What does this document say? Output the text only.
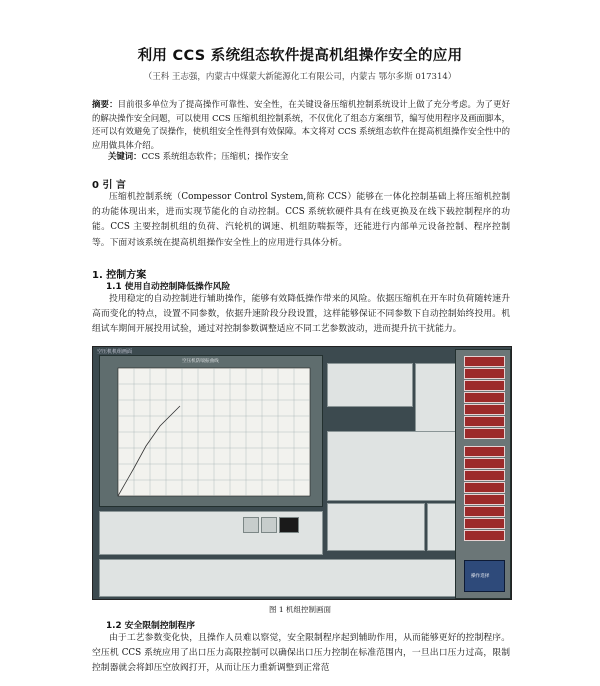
利用 CCS 系统组态软件提高机组操作安全的应用
（王科 王志强，内蒙古中煤蒙大新能源化工有限公司，内蒙古 鄂尔多斯 017314）
摘要：目前很多单位为了提高操作可靠性、安全性，在关键设备压缩机控制系统设计上做了充分考虑。为了更好的解决操作安全问题，可以使用 CCS 压缩机组控制系统，不仅优化了组态方案细节，编写使用程序及画面脚本，还可以有效避免了误操作，使机组安全性得到有效保障。本文将对 CCS 系统组态软件在提高机组操作安全性中的应用做具体介绍。
关键词：CCS 系统组态软件；压缩机；操作安全
0 引 言
压缩机控制系统（Compessor Control System,简称 CCS）能够在一体化控制基础上将压缩机控制的功能体现出来，进而实现节能化的自动控制。CCS 系统软硬件具有在线更换及在线下载控制程序的功能。CCS 主要控制机组的负荷、汽轮机的调速、机组防喘振等，还能进行内部单元设备控制、程序控制等。下面对该系统在提高机组操作安全性上的应用进行具体分析。
1. 控制方案
1.1 使用自动控制降低操作风险
投用稳定的自动控制进行辅助操作，能够有效降低操作带来的风险。依据压缩机在开车时负荷随转速升高而变化的特点，设置不同参数，依据升速阶段分段设置，这样能够保证不同参数下自动控制始终投用。机组试车期间开展投用试验，通过对控制参数调整适应不同工艺参数波动，进而提升抗干扰能力。
空压机机组画面
空压机防喘振曲线
操作选择
图 1 机组控制画面
1.2 安全限制控制程序
由于工艺参数变化快，且操作人员难以察觉，安全限制程序起到辅助作用，从而能够更好的控制程序。空压机 CCS 系统应用了出口压力高限控制可以确保出口压力控制在标准范围内，一旦出口压力过高，限制控制器就会将卸压空放阀打开，从而让压力重新调整到正常范
